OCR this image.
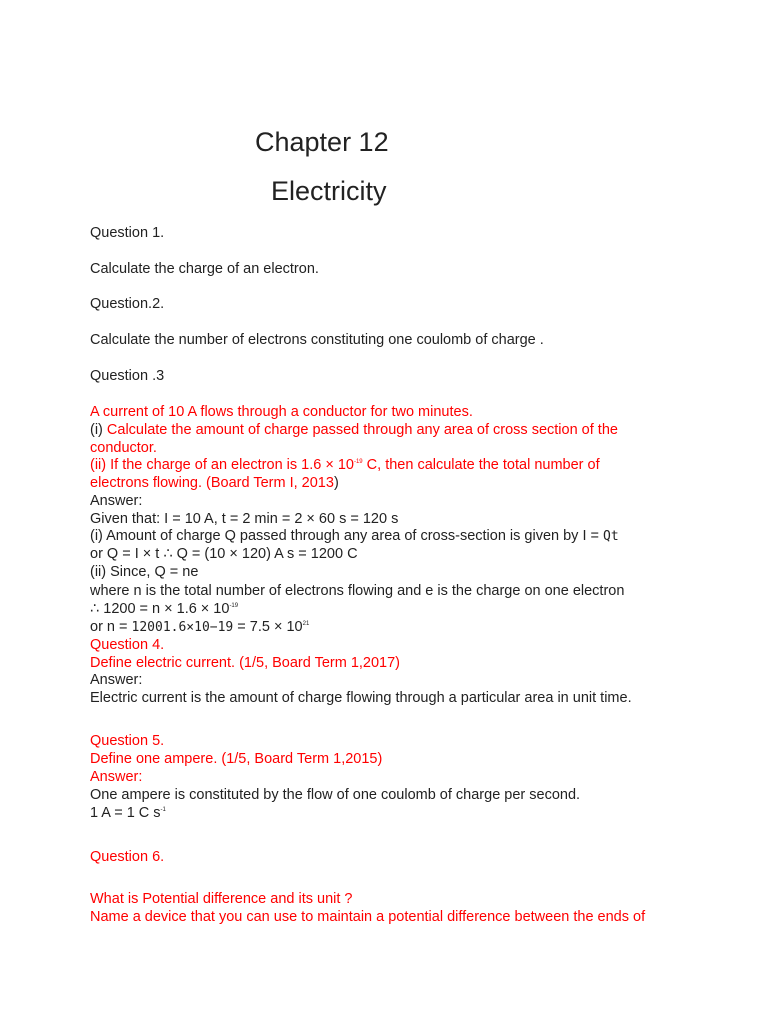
Chapter 12
Electricity
Question 1.
Calculate the charge of an electron.
Question.2.
Calculate the number of electrons constituting one coulomb of charge .
Question .3
A current of 10 A flows through a conductor for two minutes.
(i) Calculate the amount of charge passed through any area of cross section of the
conductor.
(ii) If the charge of an electron is $1.6 \times 10^{-19}$ C, then calculate the total number of
electrons flowing. (Board Term I, 2013)
Answer:
Given that: I = 10 A, t = 2 min = 2 × 60 s = 120 s
(i) Amount of charge Q passed through any area of cross-section is given by I = Qt
or Q = I × t ∴ Q = (10 × 120) A s = 1200 C
(ii) Since, Q = ne
where n is the total number of electrons flowing and e is the charge on one electron
∴ $1200 = n \times 1.6 \times 10^{-19}$
or $n = 12001.6\times 10-19 = 7.5 \times 10^{21}$
Question 4.
Define electric current. (1/5, Board Term 1,2017)
Answer:
Electric current is the amount of charge flowing through a particular area in unit time.
Question 5.
Define one ampere. (1/5, Board Term 1,2015)
Answer:
One ampere is constituted by the flow of one coulomb of charge per second.
1 A = 1 C $s^{-1}$
Question 6.
What is Potential difference and its unit ?
Name a device that you can use to maintain a potential difference between the ends of
